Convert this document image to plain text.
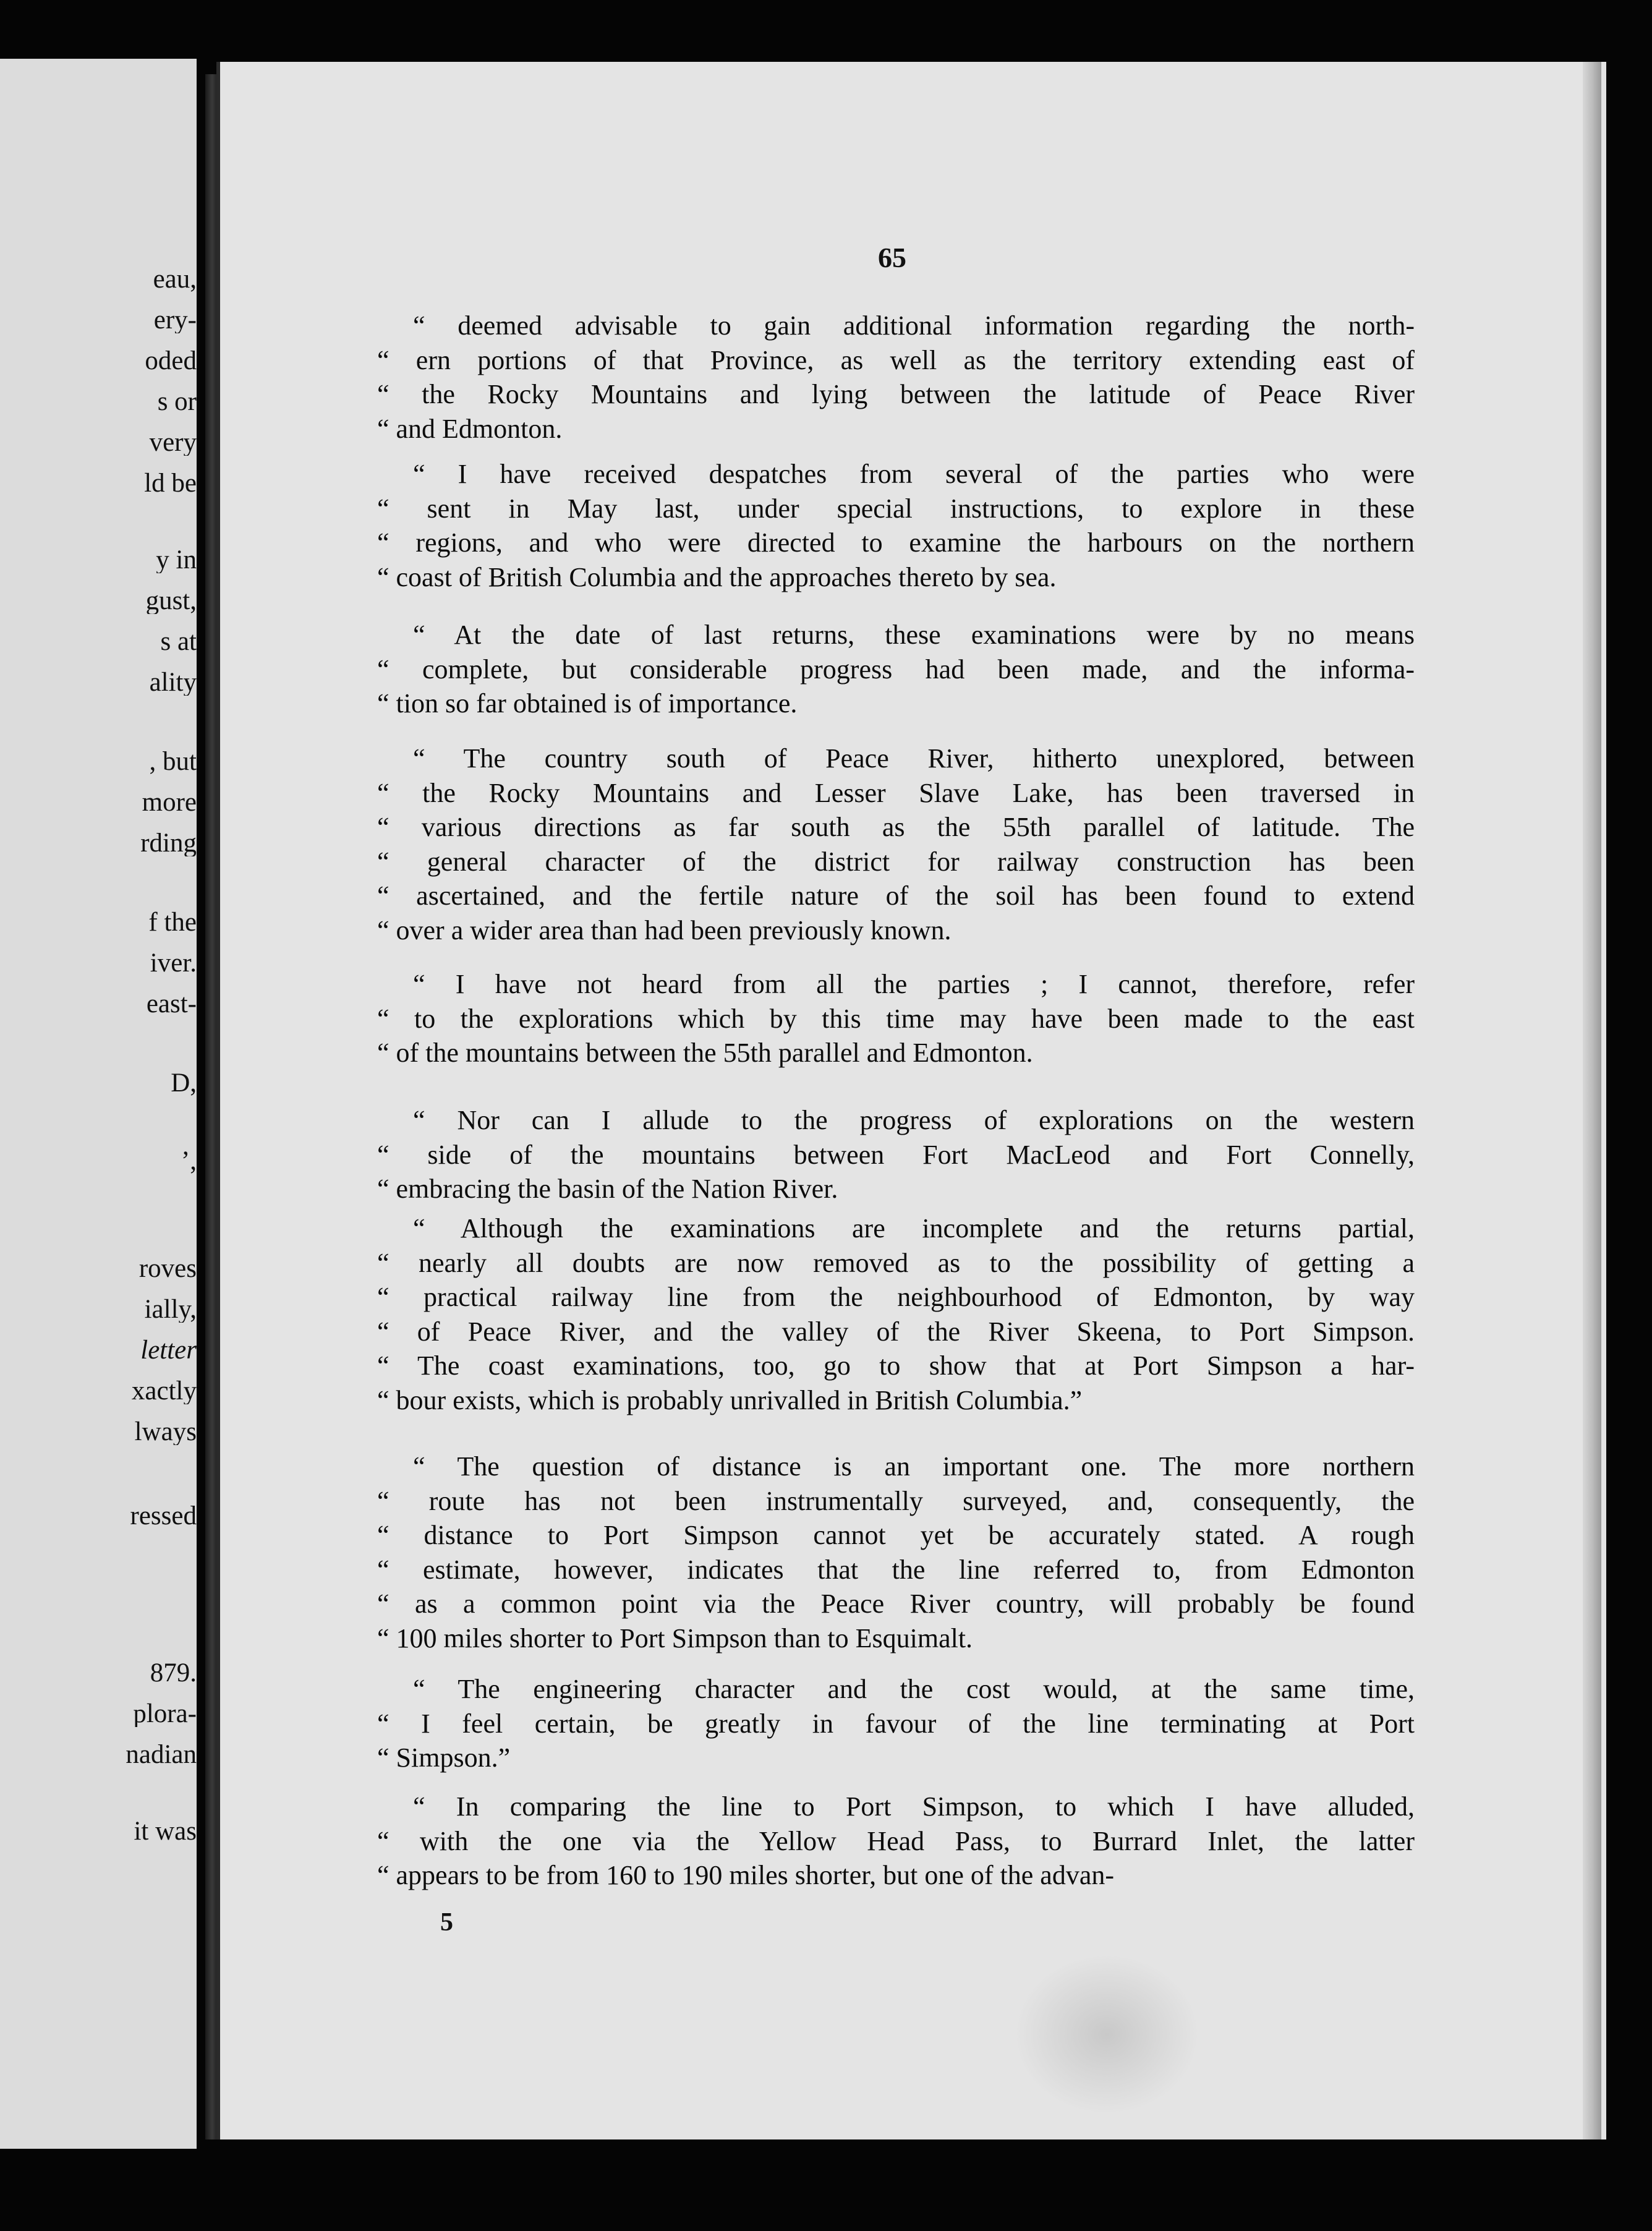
eau,
ery-
oded
s or
very
ld be
y in
gust,
s at
ality
, but
more
rding
f the
iver.
east-
D,
’,
roves
ially,
letter
xactly
lways
ressed
879.
plora-
nadian
it was
65
“ deemed advisable to gain additional information regarding the north-
“ ern portions of that Province, as well as the territory extending east of
“ the Rocky Mountains and lying between the latitude of Peace River
“ and Edmonton.
“ I have received despatches from several of the parties who were
“ sent in May last, under special instructions, to explore in these
“ regions, and who were directed to examine the harbours on the northern
“ coast of British Columbia and the approaches thereto by sea.
“ At the date of last returns, these examinations were by no means
“ complete, but considerable progress had been made, and the informa-
“ tion so far obtained is of importance.
“ The country south of Peace River, hitherto unexplored, between
“ the Rocky Mountains and Lesser Slave Lake, has been traversed in
“ various directions as far south as the 55th parallel of latitude. The
“ general character of the district for railway construction has been
“ ascertained, and the fertile nature of the soil has been found to extend
“ over a wider area than had been previously known.
“ I have not heard from all the parties ; I cannot, therefore, refer
“ to the explorations which by this time may have been made to the east
“ of the mountains between the 55th parallel and Edmonton.
“ Nor can I allude to the progress of explorations on the western
“ side of the mountains between Fort MacLeod and Fort Connelly,
“ embracing the basin of the Nation River.
“ Although the examinations are incomplete and the returns partial,
“ nearly all doubts are now removed as to the possibility of getting a
“ practical railway line from the neighbourhood of Edmonton, by way
“ of Peace River, and the valley of the River Skeena, to Port Simpson.
“ The coast examinations, too, go to show that at Port Simpson a har-
“ bour exists, which is probably unrivalled in British Columbia.”
“ The question of distance is an important one. The more northern
“ route has not been instrumentally surveyed, and, consequently, the
“ distance to Port Simpson cannot yet be accurately stated. A rough
“ estimate, however, indicates that the line referred to, from Edmonton
“ as a common point via the Peace River country, will probably be found
“ 100 miles shorter to Port Simpson than to Esquimalt.
“ The engineering character and the cost would, at the same time,
“ I feel certain, be greatly in favour of the line terminating at Port
“ Simpson.”
“ In comparing the line to Port Simpson, to which I have alluded,
“ with the one via the Yellow Head Pass, to Burrard Inlet, the latter
“ appears to be from 160 to 190 miles shorter, but one of the advan-
5
